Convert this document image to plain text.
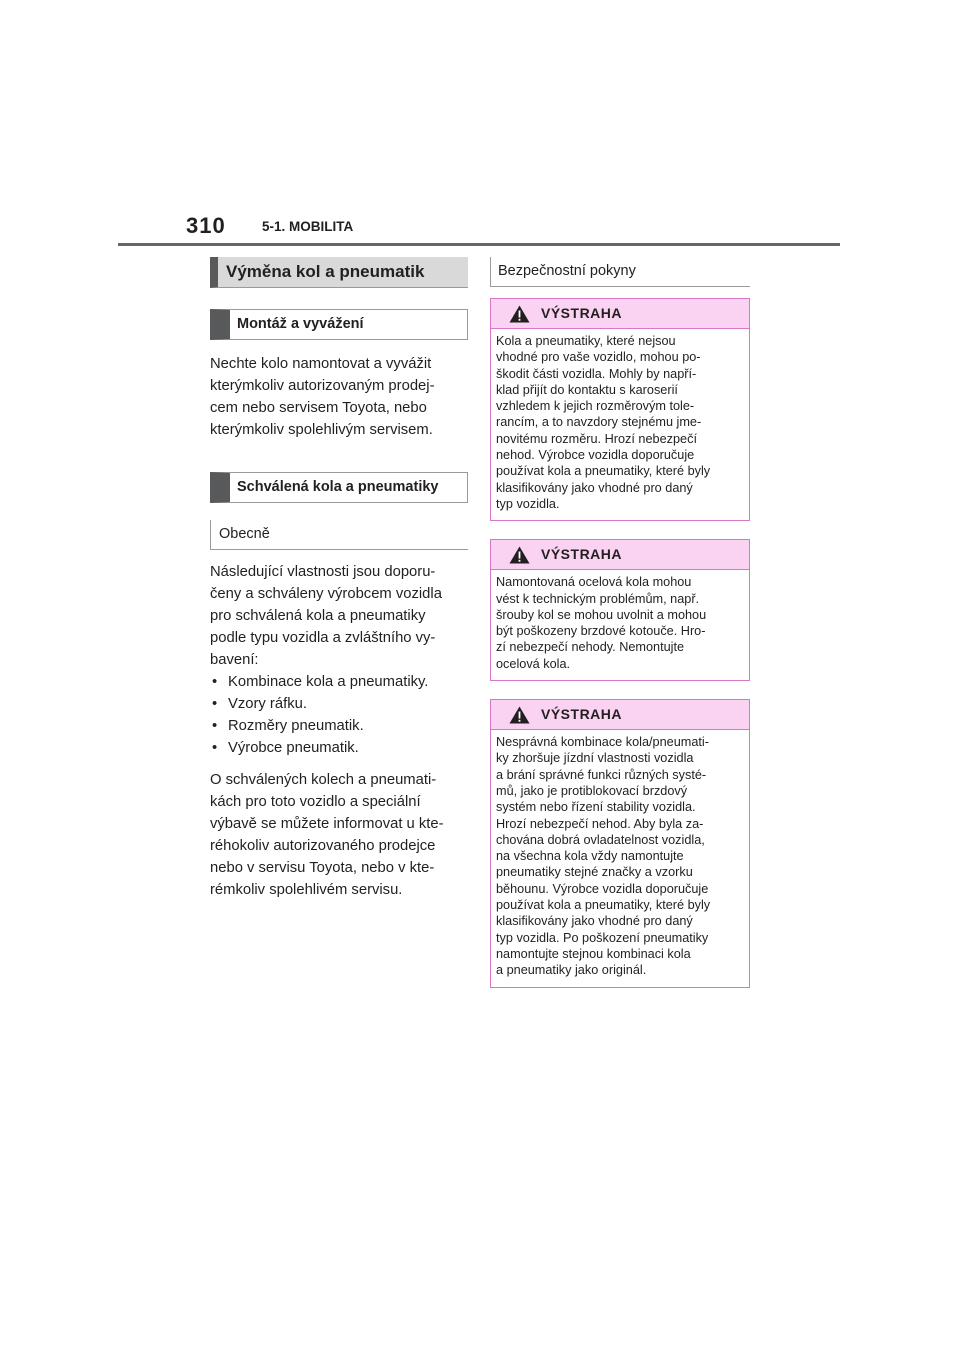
310	5-1. MOBILITA
Výměna kol a pneumatik
Montáž a vyvážení

Nechte kolo namontovat a vyvážit
kterýmkoliv autorizovaným prodej-
cem nebo servisem Toyota, nebo
kterýmkoliv spolehlivým servisem.

Schválená kola a pneumatiky
Obecně

Následující vlastnosti jsou doporu-
čeny a schváleny výrobcem vozidla
pro schválená kola a pneumatiky
podle typu vozidla a zvláštního vy-
bavení:

• Kombinace kola a pneumatiky.
• Vzory ráfku.
• Rozměry pneumatik.
• Výrobce pneumatik.

O schválených kolech a pneumati-
kách pro toto vozidlo a speciální
výbavě se můžete informovat u kte-
réhokoliv autorizovaného prodejce
nebo v servisu Toyota, nebo v kte-
rémkoliv spolehlivém servisu.

Bezpečnostní pokyny
VÝSTRAHA

Kola a pneumatiky, které nejsou
vhodné pro vaše vozidlo, mohou po-
škodit části vozidla. Mohly by napří-
klad přijít do kontaktu s karoserií
vzhledem k jejich rozměrovým tole-
rancím, a to navzdory stejnému jme-
novitému rozměru. Hrozí nebezpečí
nehod. Výrobce vozidla doporučuje
používat kola a pneumatiky, které byly
klasifikovány jako vhodné pro daný
typ vozidla.

VÝSTRAHA

Namontovaná ocelová kola mohou
vést k technickým problémům, např.
šrouby kol se mohou uvolnit a mohou
být poškozeny brzdové kotouče. Hro-
zí nebezpečí nehody. Nemontujte
ocelová kola.

VÝSTRAHA

Nesprávná kombinace kola/pneumati-
ky zhoršuje jízdní vlastnosti vozidla
a brání správné funkci různých systé-
mů, jako je protiblokovací brzdový
systém nebo řízení stability vozidla.
Hrozí nebezpečí nehod. Aby byla za-
chována dobrá ovladatelnost vozidla,
na všechna kola vždy namontujte
pneumatiky stejné značky a vzorku
běhounu. Výrobce vozidla doporučuje
používat kola a pneumatiky, které byly
klasifikovány jako vhodné pro daný
typ vozidla. Po poškození pneumatiky
namontujte stejnou kombinaci kola
a pneumatiky jako originál.
